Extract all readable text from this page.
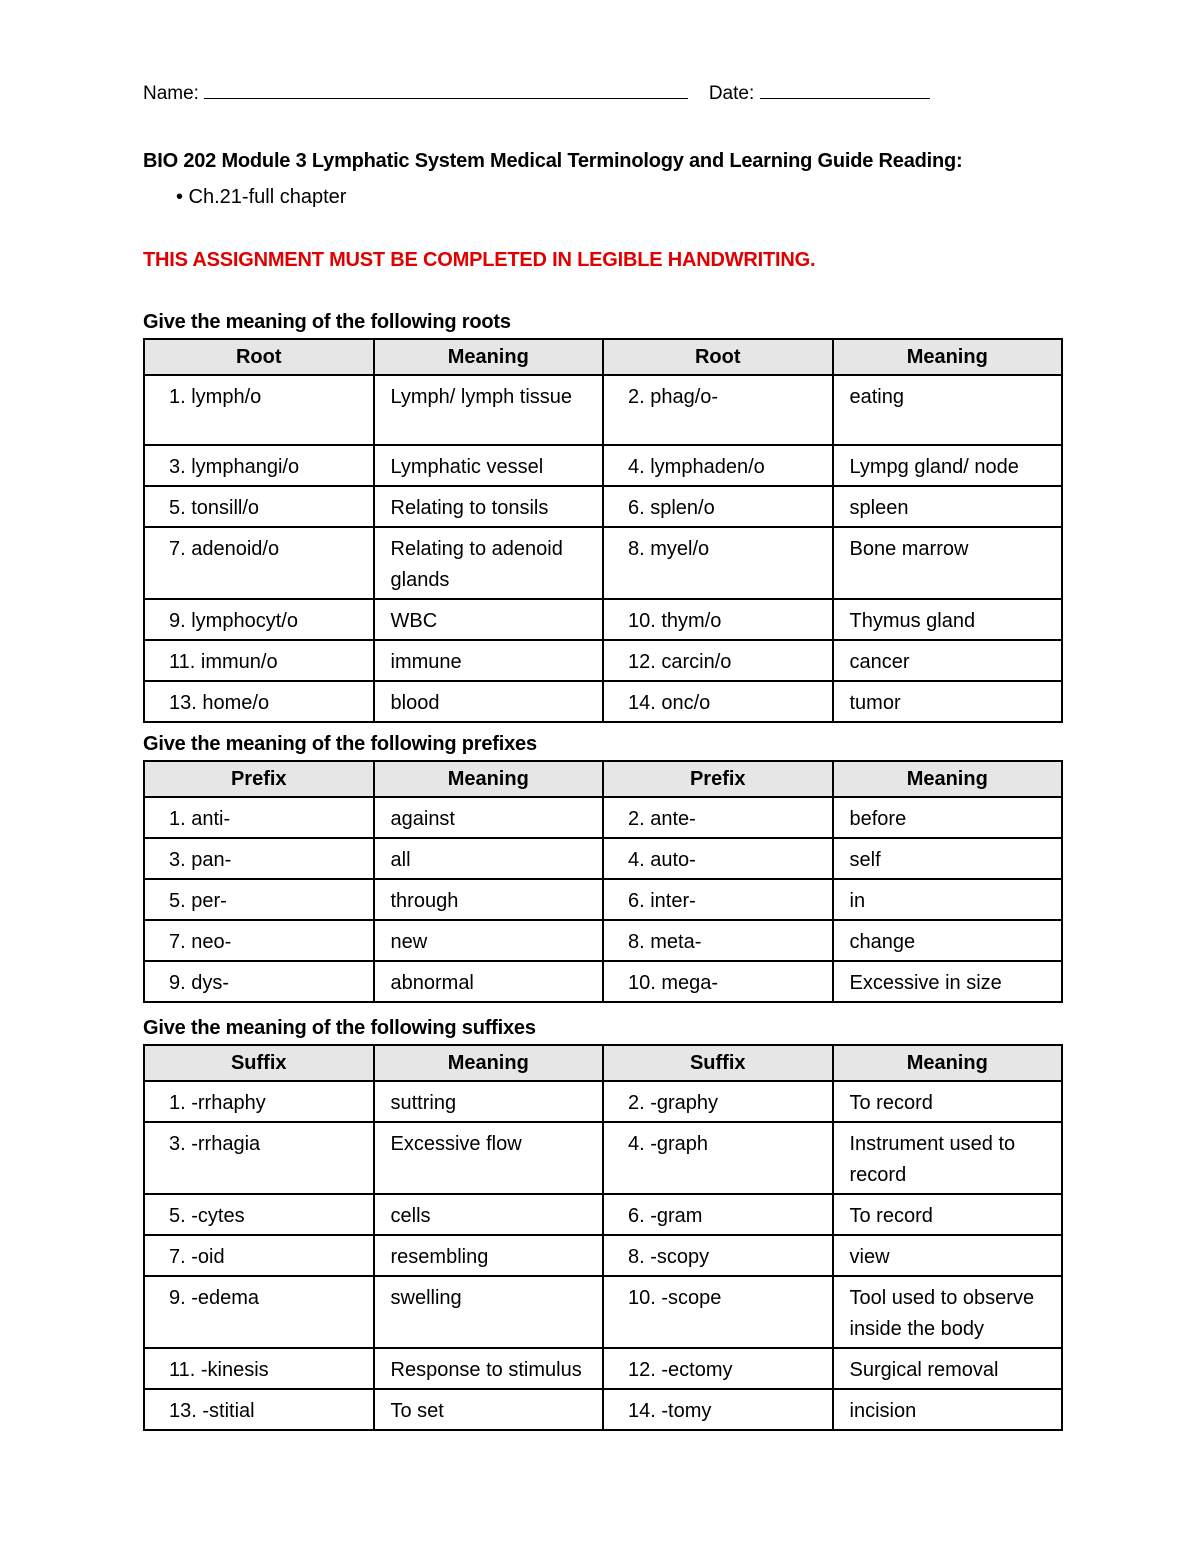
Name:	Date:
BIO 202 Module 3 Lymphatic System Medical Terminology and Learning Guide Reading:
• Ch.21-full chapter
THIS ASSIGNMENT MUST BE COMPLETED IN LEGIBLE HANDWRITING.
Give the meaning of the following roots
Root	Meaning	Root	Meaning
1. lymph/o	Lymph/ lymph tissue	2. phag/o-	eating
3. lymphangi/o	Lymphatic vessel	4. lymphaden/o	Lympg gland/ node
5. tonsill/o	Relating to tonsils	6. splen/o	spleen
7. adenoid/o	Relating to adenoid glands	8. myel/o	Bone marrow
9. lymphocyt/o	WBC	10. thym/o	Thymus gland
11. immun/o	immune	12. carcin/o	cancer
13. home/o	blood	14. onc/o	tumor
Give the meaning of the following prefixes
Prefix	Meaning	Prefix	Meaning
1. anti-	against	2. ante-	before
3. pan-	all	4. auto-	self
5. per-	through	6. inter-	in
7. neo-	new	8. meta-	change
9. dys-	abnormal	10. mega-	Excessive in size
Give the meaning of the following suffixes
Suffix	Meaning	Suffix	Meaning
1. -rrhaphy	suttring	2. -graphy	To record
3. -rrhagia	Excessive flow	4. -graph	Instrument used to record
5. -cytes	cells	6. -gram	To record
7. -oid	resembling	8. -scopy	view
9. -edema	swelling	10. -scope	Tool used to observe inside the body
11. -kinesis	Response to stimulus	12. -ectomy	Surgical removal
13. -stitial	To set	14. -tomy	incision
